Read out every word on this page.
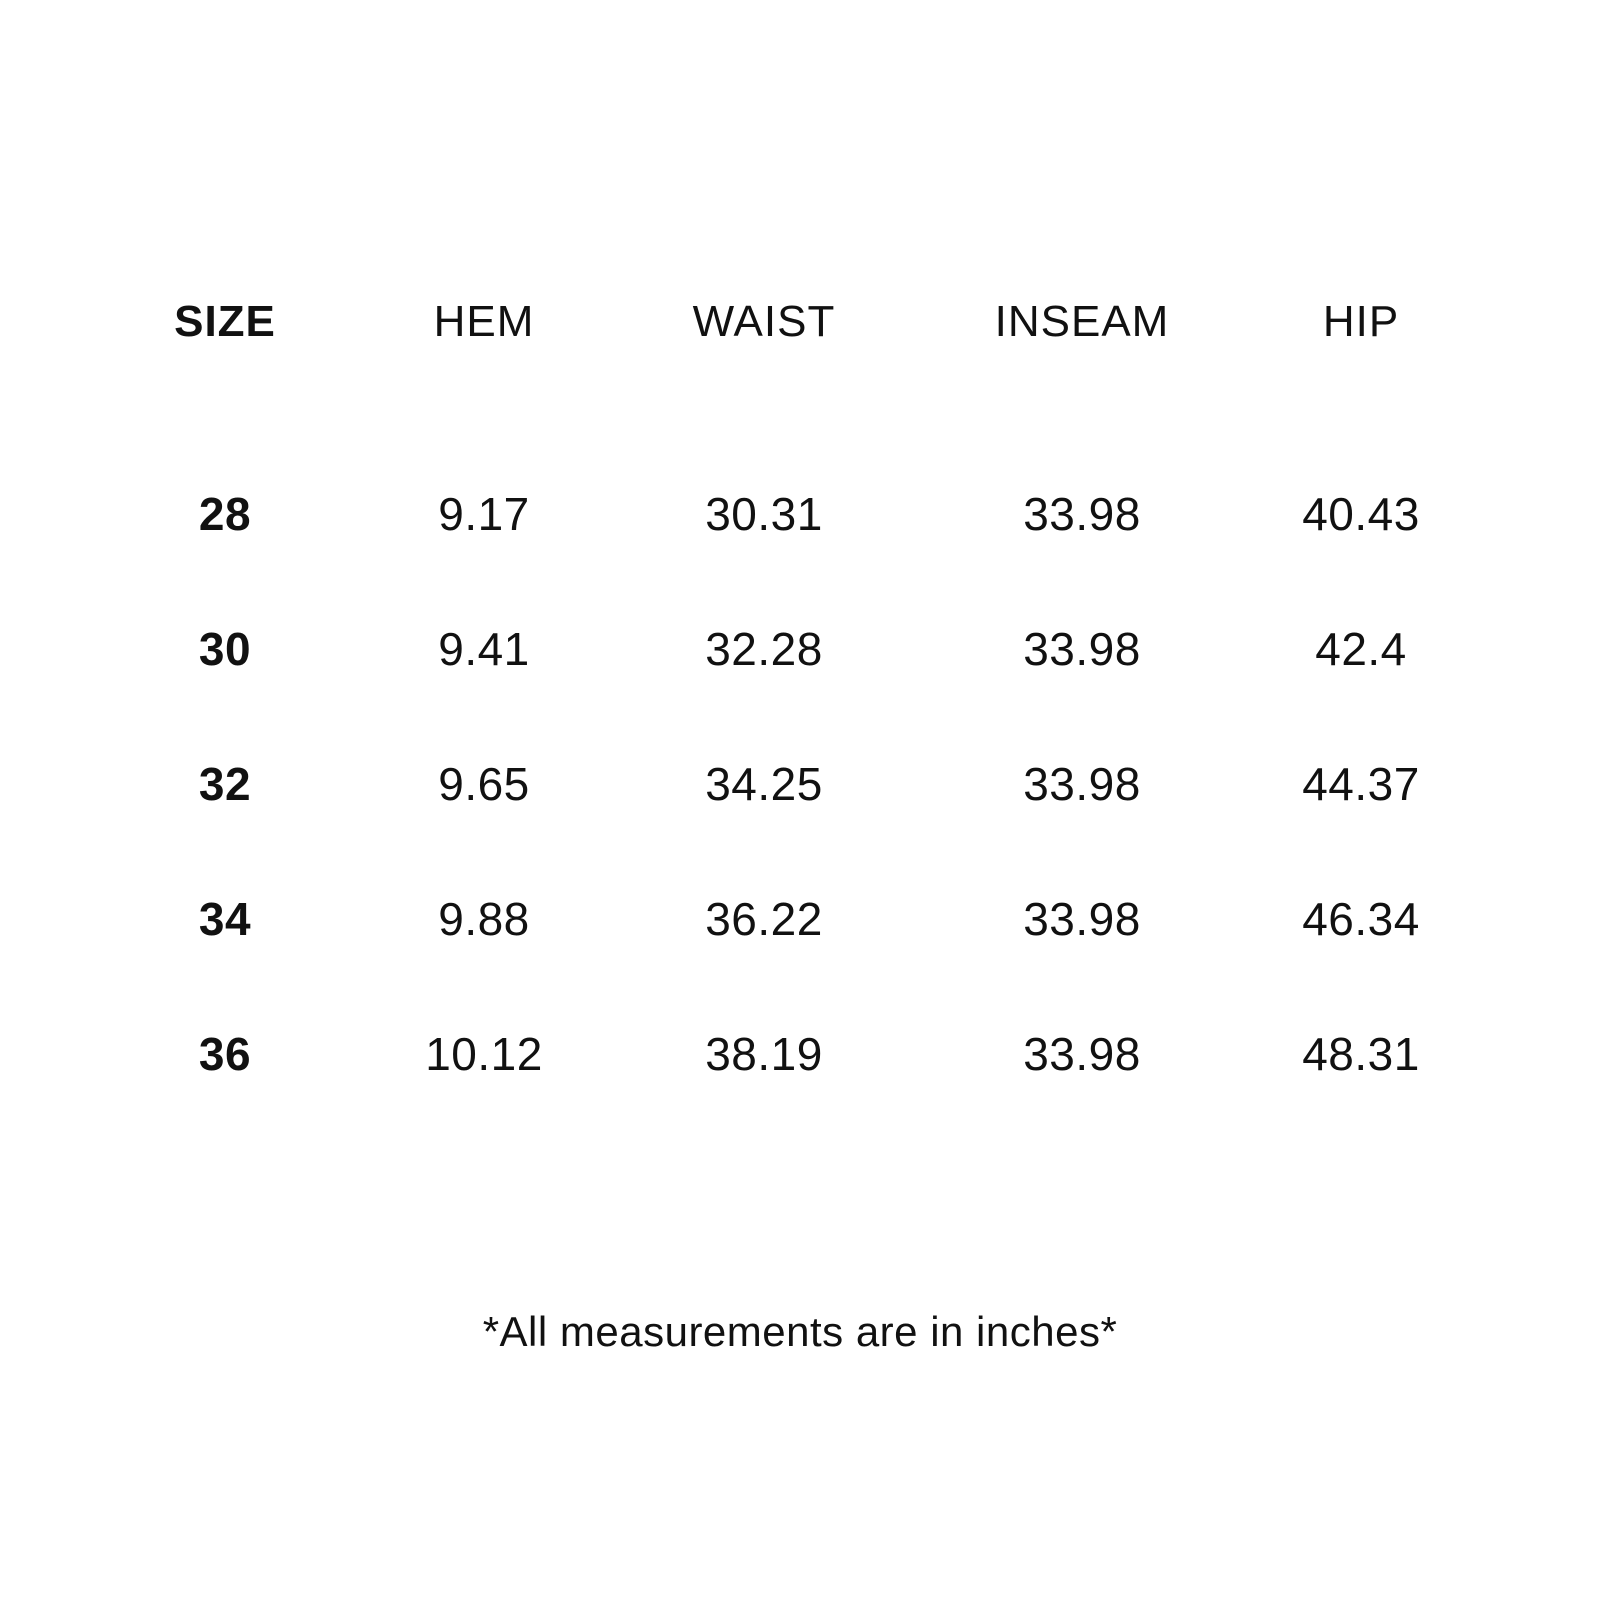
SIZE	HEM	WAIST	INSEAM	HIP
28	9.17	30.31	33.98	40.43
30	9.41	32.28	33.98	42.4
32	9.65	34.25	33.98	44.37
34	9.88	36.22	33.98	46.34
36	10.12	38.19	33.98	48.31
*All measurements are in inches*
